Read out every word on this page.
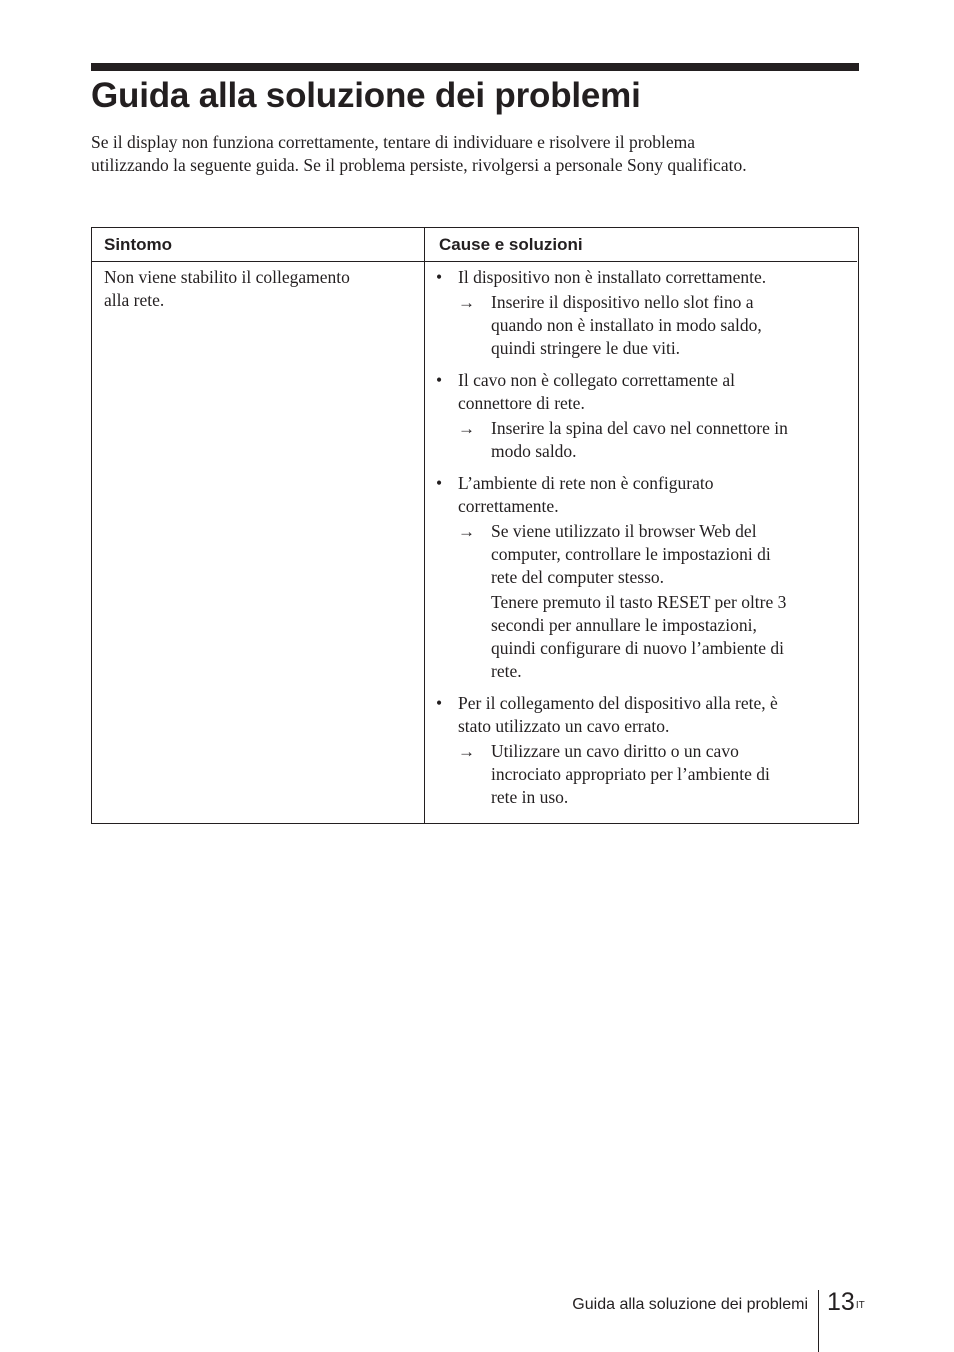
Guida alla soluzione dei problemi

Se il display non funziona correttamente, tentare di individuare e risolvere il problema
utilizzando la seguente guida. Se il problema persiste, rivolgersi a personale Sony qualificato.

Sintomo	Cause e soluzioni
Non viene stabilito il collegamento
alla rete.
• Il dispositivo non è installato correttamente.
→ Inserire il dispositivo nello slot fino a
quando non è installato in modo saldo,
quindi stringere le due viti.
• Il cavo non è collegato correttamente al
connettore di rete.
→ Inserire la spina del cavo nel connettore in
modo saldo.
• L’ambiente di rete non è configurato
correttamente.
→ Se viene utilizzato il browser Web del
computer, controllare le impostazioni di
rete del computer stesso.
Tenere premuto il tasto RESET per oltre 3
secondi per annullare le impostazioni,
quindi configurare di nuovo l’ambiente di
rete.
• Per il collegamento del dispositivo alla rete, è
stato utilizzato un cavo errato.
→ Utilizzare un cavo diritto o un cavo
incrociato appropriato per l’ambiente di
rete in uso.
Guida alla soluzione dei problemi $13^{IT}$
